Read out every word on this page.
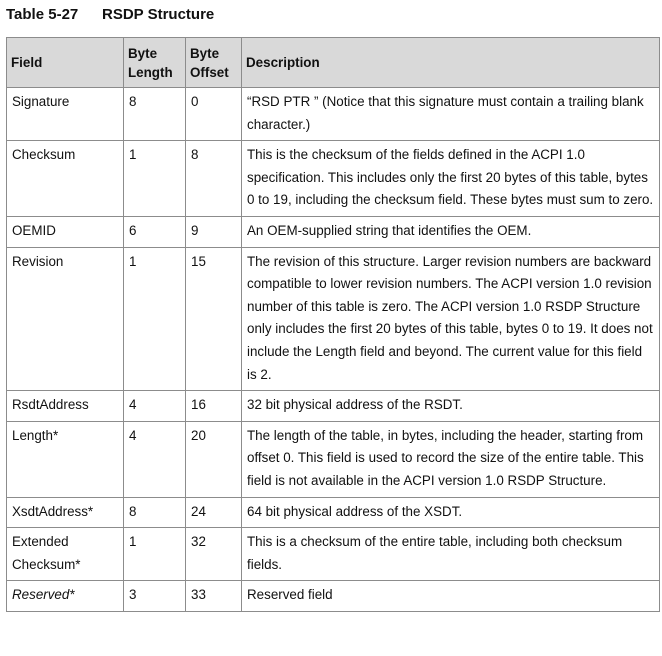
Table 5-27 RSDP Structure
Field	Byte Length	Byte Offset	Description
Signature	8	0	“RSD PTR ” (Notice that this signature must contain a trailing blank character.)
Checksum	1	8	This is the checksum of the fields defined in the ACPI 1.0 specification. This includes only the first 20 bytes of this table, bytes 0 to 19, including the checksum field. These bytes must sum to zero.
OEMID	6	9	An OEM-supplied string that identifies the OEM.
Revision	1	15	The revision of this structure. Larger revision numbers are backward compatible to lower revision numbers. The ACPI version 1.0 revision number of this table is zero. The ACPI version 1.0 RSDP Structure only includes the first 20 bytes of this table, bytes 0 to 19. It does not include the Length field and beyond. The current value for this field is 2.
RsdtAddress	4	16	32 bit physical address of the RSDT.
Length*	4	20	The length of the table, in bytes, including the header, starting from offset 0. This field is used to record the size of the entire table. This field is not available in the ACPI version 1.0 RSDP Structure.
XsdtAddress*	8	24	64 bit physical address of the XSDT.
Extended Checksum*	1	32	This is a checksum of the entire table, including both checksum fields.
Reserved*	3	33	Reserved field
